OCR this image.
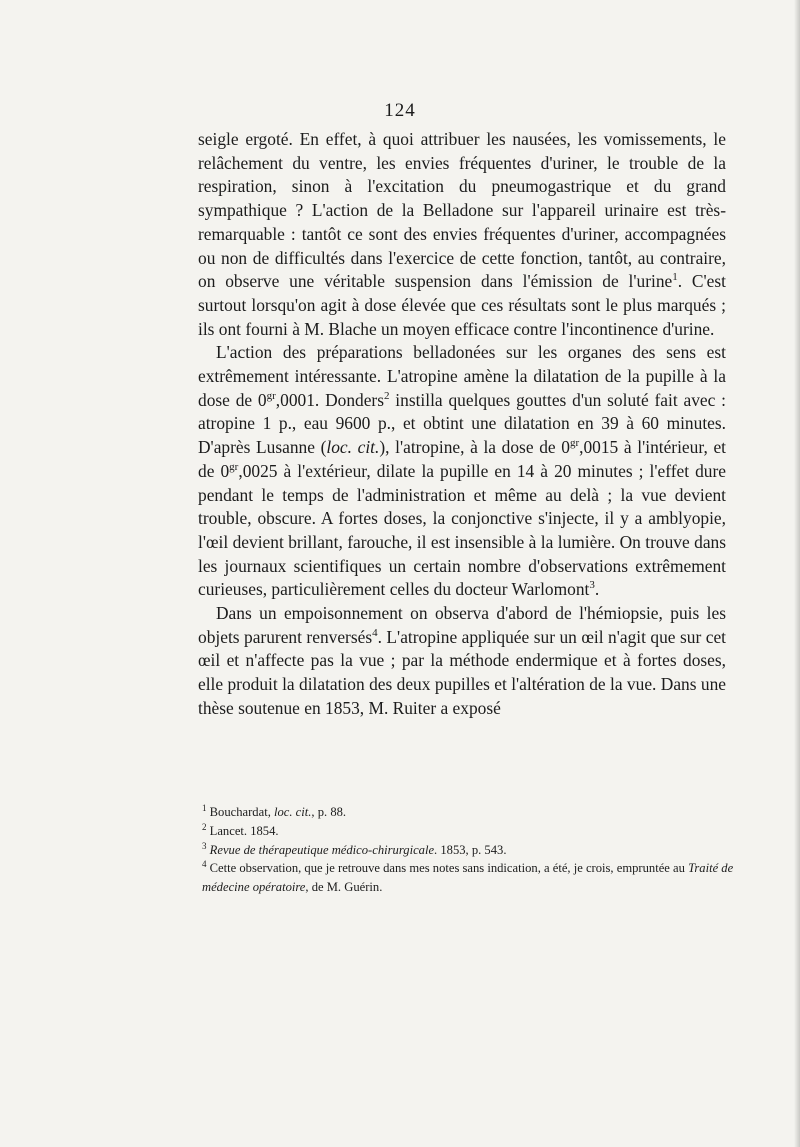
124

seigle ergoté. En effet, à quoi attribuer les nausées, les vomissements, le relâchement du ventre, les envies fréquentes d'uriner, le trouble de la respiration, sinon à l'excitation du pneumogastrique et du grand sympathique ? L'action de la Belladone sur l'appareil urinaire est très-remarquable : tantôt ce sont des envies fréquentes d'uriner, accompagnées ou non de difficultés dans l'exercice de cette fonction, tantôt, au contraire, on observe une véritable suspension dans l'émission de l'urine$^1$. C'est surtout lorsqu'on agit à dose élevée que ces résultats sont le plus marqués ; ils ont fourni à M. Blache un moyen efficace contre l'incontinence d'urine.

L'action des préparations belladonées sur les organes des sens est extrêmement intéressante. L'atropine amène la dilatation de la pupille à la dose de $0^{gr},0001$. Donders$^2$ instilla quelques gouttes d'un soluté fait avec : atropine 1 p., eau 9600 p., et obtint une dilatation en 39 à 60 minutes. D'après Lusanne (loc. cit.), l'atropine, à la dose de $0^{gr},0015$ à l'intérieur, et de $0^{gr},0025$ à l'extérieur, dilate la pupille en 14 à 20 minutes ; l'effet dure pendant le temps de l'administration et même au delà ; la vue devient trouble, obscure. A fortes doses, la conjonctive s'injecte, il y a amblyopie, l'œil devient brillant, farouche, il est insensible à la lumière. On trouve dans les journaux scientifiques un certain nombre d'observations extrêmement curieuses, particulièrement celles du docteur Warlomont$^3$.

Dans un empoisonnement on observa d'abord de l'hémiopsie, puis les objets parurent renversés$^4$. L'atropine appliquée sur un œil n'agit que sur cet œil et n'affecte pas la vue ; par la méthode endermique et à fortes doses, elle produit la dilatation des deux pupilles et l'altération de la vue. Dans une thèse soutenue en 1853, M. Ruiter a exposé

$^1$ Bouchardat, loc. cit., p. 88.

$^2$ Lancet. 1854.

$^3$ Revue de thérapeutique médico-chirurgicale. 1853, p. 543.

$^4$ Cette observation, que je retrouve dans mes notes sans indication, a été, je crois, empruntée au Traité de médecine opératoire, de M. Guérin.
